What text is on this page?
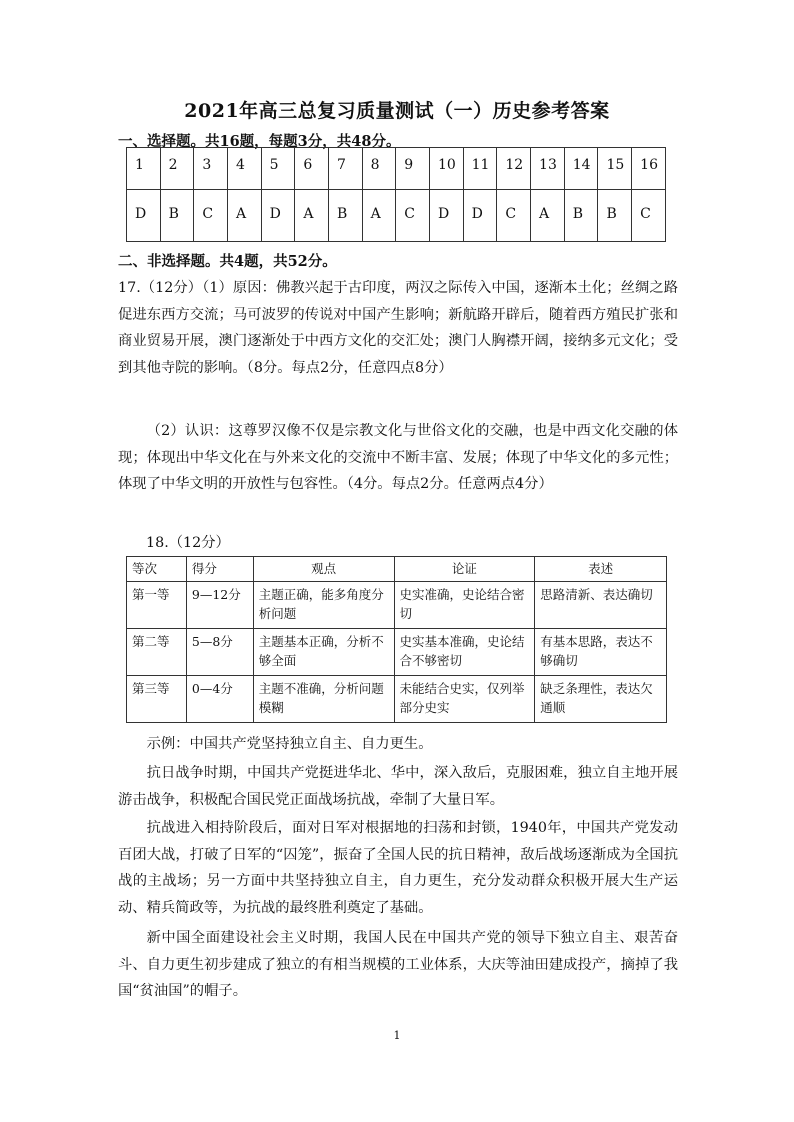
2021年高三总复习质量测试（一）历史参考答案
一、选择题。共16题，每题3分，共48分。
1	2	3	4	5	6	7	8	9	10	11	12	13	14	15	16
D	B	C	A	D	A	B	A	C	D	D	C	A	B	B	C
二、非选择题。共4题，共52分。
17.（12分）（1）原因：佛教兴起于古印度，两汉之际传入中国，逐渐本土化；丝绸之路促进东西方交流；马可波罗的传说对中国产生影响；新航路开辟后，随着西方殖民扩张和商业贸易开展，澳门逐渐处于中西方文化的交汇处；澳门人胸襟开阔，接纳多元文化；受到其他寺院的影响。（8分。每点2分，任意四点8分）
（2）认识：这尊罗汉像不仅是宗教文化与世俗文化的交融，也是中西文化交融的体现；体现出中华文化在与外来文化的交流中不断丰富、发展；体现了中华文化的多元性；体现了中华文明的开放性与包容性。（4分。每点2分。任意两点4分）
18.（12分）
等次	得分	观点	论证	表述
第一等	9—12分	主题正确，能多角度分析问题	史实准确，史论结合密切	思路清新、表达确切
第二等	5—8分	主题基本正确，分析不够全面	史实基本准确，史论结合不够密切	有基本思路，表达不够确切
第三等	0—4分	主题不准确，分析问题模糊	未能结合史实，仅列举部分史实	缺乏条理性，表达欠通顺
示例：中国共产党坚持独立自主、自力更生。
抗日战争时期，中国共产党挺进华北、华中，深入敌后，克服困难，独立自主地开展游击战争，积极配合国民党正面战场抗战，牵制了大量日军。
抗战进入相持阶段后，面对日军对根据地的扫荡和封锁，1940年，中国共产党发动百团大战，打破了日军的“囚笼”，振奋了全国人民的抗日精神，敌后战场逐渐成为全国抗战的主战场；另一方面中共坚持独立自主，自力更生，充分发动群众积极开展大生产运动、精兵简政等，为抗战的最终胜利奠定了基础。
新中国全面建设社会主义时期，我国人民在中国共产党的领导下独立自主、艰苦奋斗、自力更生初步建成了独立的有相当规模的工业体系，大庆等油田建成投产，摘掉了我国“贫油国”的帽子。
1
